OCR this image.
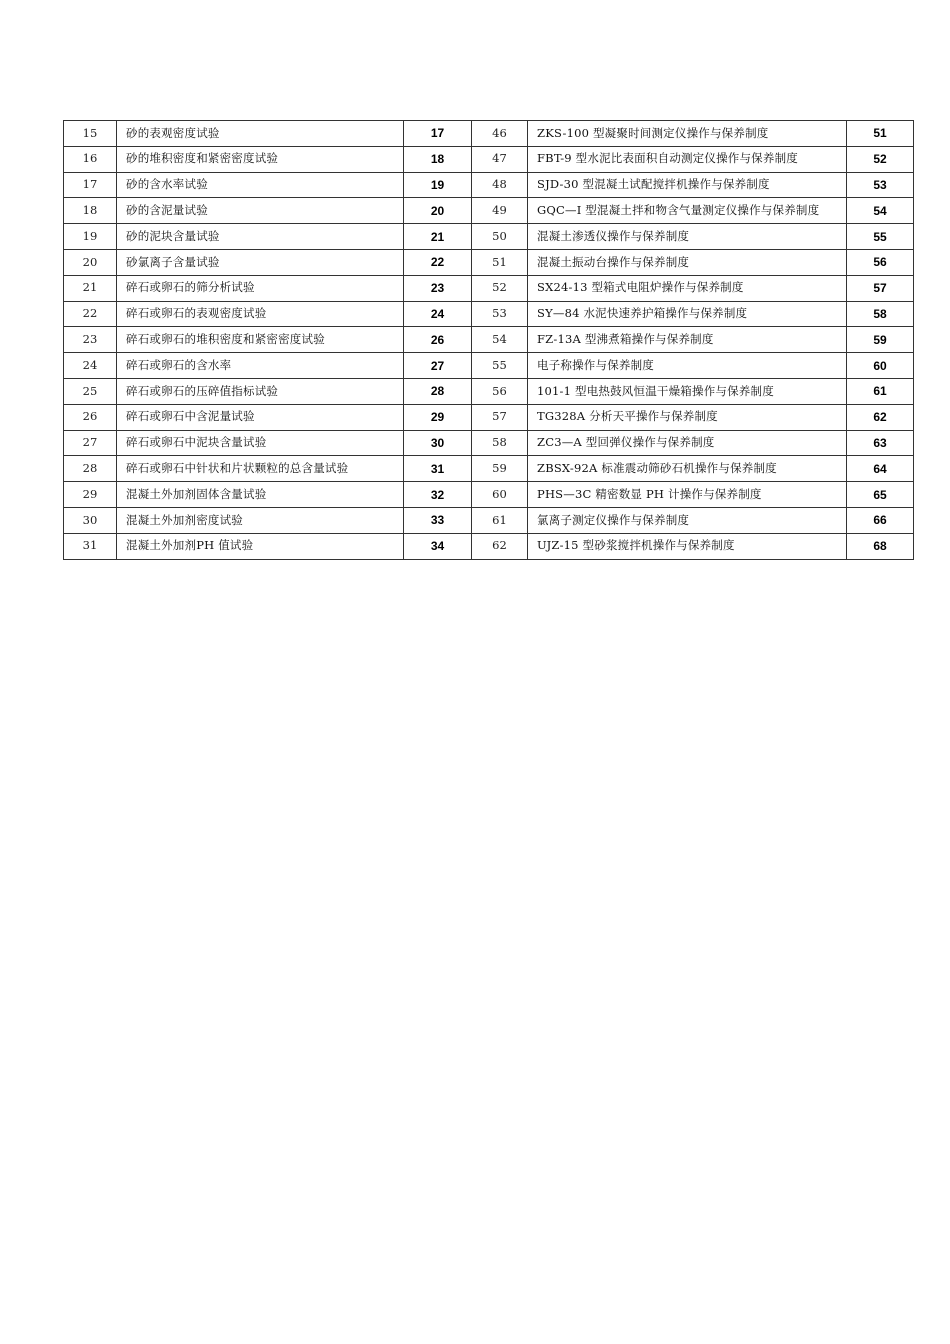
15	砂的表观密度试验	17	46	ZKS-100 型凝聚时间测定仪操作与保养制度	51
16	砂的堆积密度和紧密密度试验	18	47	FBT-9 型水泥比表面积自动测定仪操作与保养制度	52
17	砂的含水率试验	19	48	SJD-30 型混凝土试配搅拌机操作与保养制度	53
18	砂的含泥量试验	20	49	GQC—I 型混凝土拌和物含气量测定仪操作与保养制度	54
19	砂的泥块含量试验	21	50	混凝土渗透仪操作与保养制度	55
20	砂氯离子含量试验	22	51	混凝土振动台操作与保养制度	56
21	碎石或卵石的筛分析试验	23	52	SX24-13 型箱式电阻炉操作与保养制度	57
22	碎石或卵石的表观密度试验	24	53	SY—84 水泥快速养护箱操作与保养制度	58
23	碎石或卵石的堆积密度和紧密密度试验	26	54	FZ-13A 型沸煮箱操作与保养制度	59
24	碎石或卵石的含水率	27	55	电子称操作与保养制度	60
25	碎石或卵石的压碎值指标试验	28	56	101-1 型电热鼓风恒温干燥箱操作与保养制度	61
26	碎石或卵石中含泥量试验	29	57	TG328A 分析天平操作与保养制度	62
27	碎石或卵石中泥块含量试验	30	58	ZC3—A 型回弹仪操作与保养制度	63
28	碎石或卵石中针状和片状颗粒的总含量试验	31	59	ZBSX-92A 标准震动筛砂石机操作与保养制度	64
29	混凝土外加剂固体含量试验	32	60	PHS—3C 精密数显 PH 计操作与保养制度	65
30	混凝土外加剂密度试验	33	61	氯离子测定仪操作与保养制度	66
31	混凝土外加剂PH 值试验	34	62	UJZ-15 型砂浆搅拌机操作与保养制度	68
